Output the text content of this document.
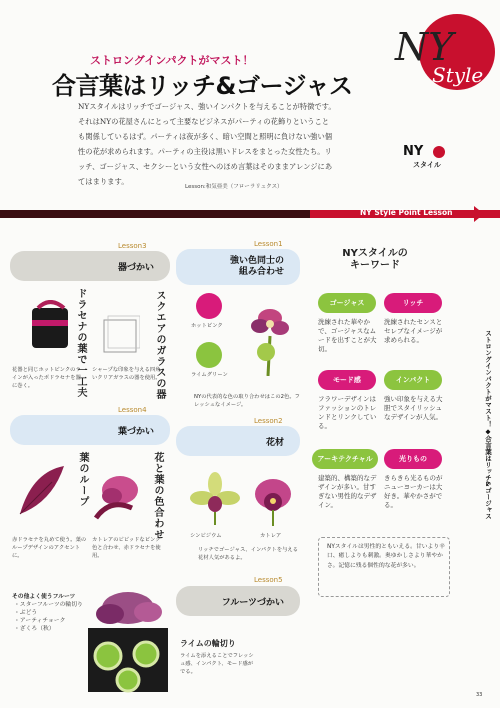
ストロングインパクトがマスト！
合言葉はリッチ&ゴージャス
NYスタイルはリッチでゴージャス、強いインパクトを与えることが特徴です。それはNYの花屋さんにとって主要なビジネスがパーティの花飾りということも関係しているはず。パーティは夜が多く、暗い空間と照明に負けない強い個性の花が求められます。パーティの主役は黒いドレスをまとった女性たち。リッチ、ゴージャス、セクシーという女性へのほめ言葉はそのままアレンジにあてはまります。
Lesson:和気亜美（フローラリュクス）
NY
Style
NY
スタイル
NY Style Point Lesson
Lesson3
器づかい
ドラセナの葉で一工夫	スクエアのガラスの器
花器と同じホットピンクのラインが入ったボドラセナを器に巻く。
シャープな印象を与える四角いクリアガラスの器を使用。
Lesson1
強い色同士の
組み合わせ
ホットピンク
ライムグリーン
NYの代表的な色の取り合わせはこの2色。フレッシュなイメージ。
Lesson4
葉づかい
葉のループ	花と葉の色合わせ
赤ドラセナを丸めて使う。葉のループデザインのアクセントに。
カトレアのビビッドなピンク色と合わせ、赤ドラセナを使用。
Lesson2
花材
シンビジウム	カトレア
リッチでゴージャス、インパクトを与える花材人気があるよ。
その他よく使うフルーツ
・スターフルーツの輪切り
・ぶどう
・アーティチョーク
・ざくろ（秋）
Lesson5
フルーツづかい
ライムの輪切り
ライムを添えることでフレッシュ感、インパクト、モード感がでる。
NYスタイルの
キーワード
ゴージャス
洗練された華やかで、ゴージャスなムードを出すことが大切。
リッチ
洗練されたセンスとセレブなイメージが求められる。
モード感
フラワーデザインはファッションのトレンドとリンクしている。
インパクト
強い印象を与える大胆でスタイリッシュなデザインが人気。
アーキテクチャル
建築的、構築的なデザインが多い。甘すぎない男性的なデザイン。
光りもの
きらきら光るものがニューヨーカーは大好き。華やかさがでる。
NYスタイルは男性的ともいえる。甘いより辛口、癒しよりも刺激。奥ゆかしさより華やかさ。記憶に残る個性的な花が多い。
ストロングインパクトがマスト！◆合言葉はリッチ&ゴージャス
33
